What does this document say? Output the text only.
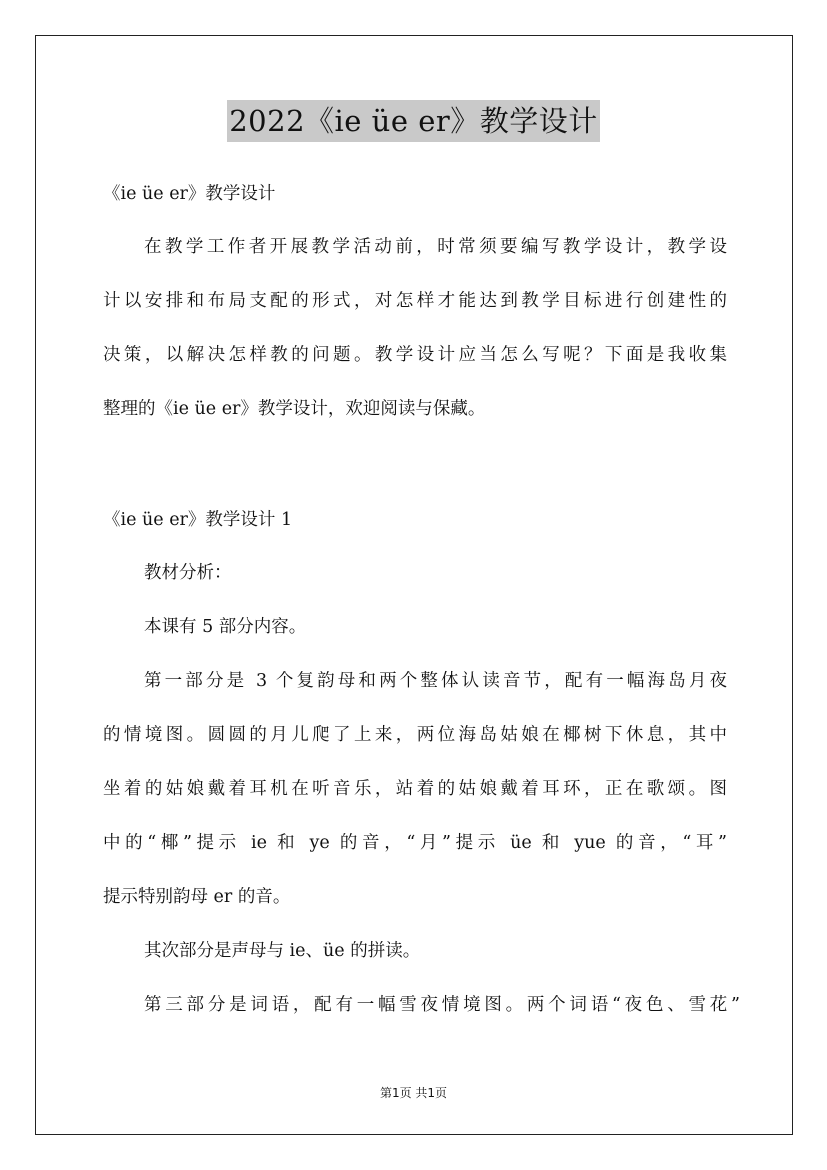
2022《ie üe er》教学设计
《ie üe er》教学设计
在教学工作者开展教学活动前，时常须要编写教学设计，教学设
计以安排和布局支配的形式，对怎样才能达到教学目标进行创建性的
决策，以解决怎样教的问题。教学设计应当怎么写呢？下面是我收集
整理的《ie üe er》教学设计，欢迎阅读与保藏。
《ie üe er》教学设计 1
教材分析：
本课有 5 部分内容。
第一部分是 3 个复韵母和两个整体认读音节，配有一幅海岛月夜
的情境图。圆圆的月儿爬了上来，两位海岛姑娘在椰树下休息，其中
坐着的姑娘戴着耳机在听音乐，站着的姑娘戴着耳环，正在歌颂。图
中的“椰”提示 ie 和 ye 的音，“月”提示 üe 和 yue 的音，“耳”
提示特别韵母 er 的音。
其次部分是声母与 ie、üe 的拼读。
第三部分是词语，配有一幅雪夜情境图。两个词语“夜色、雪花”
第1页 共1页
